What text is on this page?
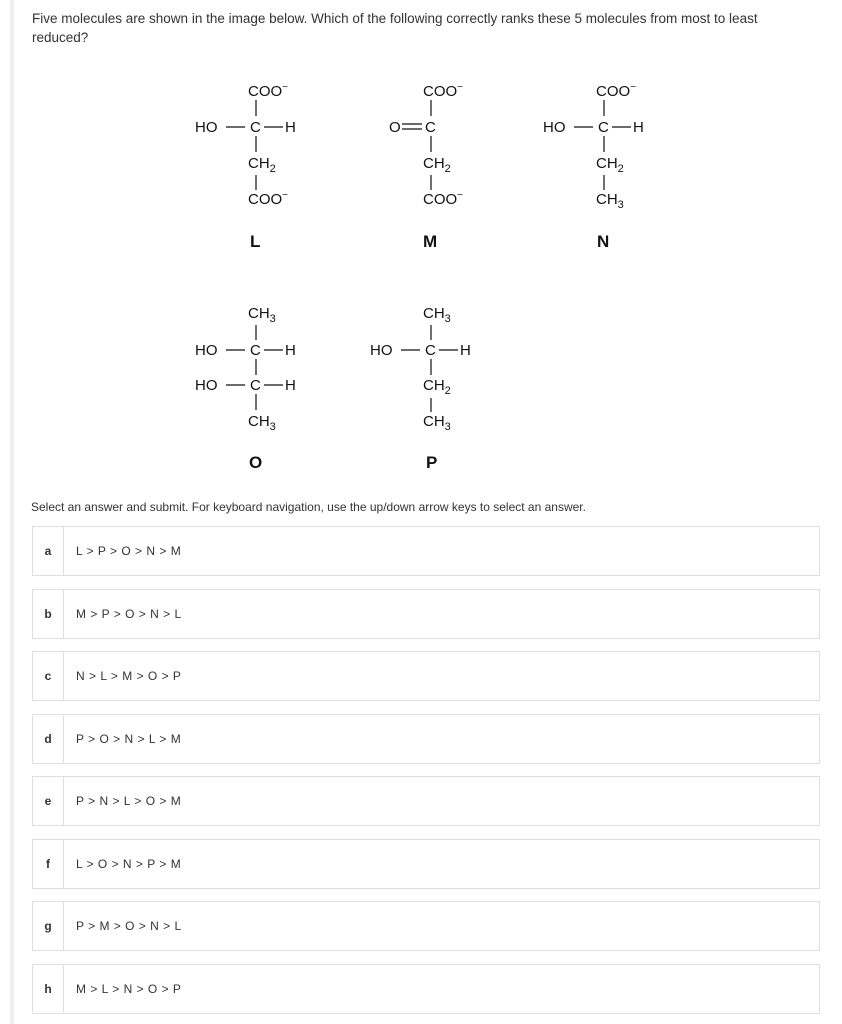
Five molecules are shown in the image below. Which of the following correctly ranks these 5 molecules from most to least reduced?
COO−
HO C H
$CH_2$
COO−
L
COO−
O C
$CH_2$
COO−
M
COO−
HO C H
$CH_2$
$CH_3$
N
$CH_3$
HO C H
HO C H
$CH_3$
O
$CH_3$
HO C H
$CH_2$
$CH_3$
P
Select an answer and submit. For keyboard navigation, use the up/down arrow keys to select an answer.
a	L > P > O > N > M
b	M > P > O > N > L
c	N > L > M > O > P
d	P > O > N > L > M
e	P > N > L > O > M
f	L > O > N > P > M
g	P > M > O > N > L
h	M > L > N > O > P
